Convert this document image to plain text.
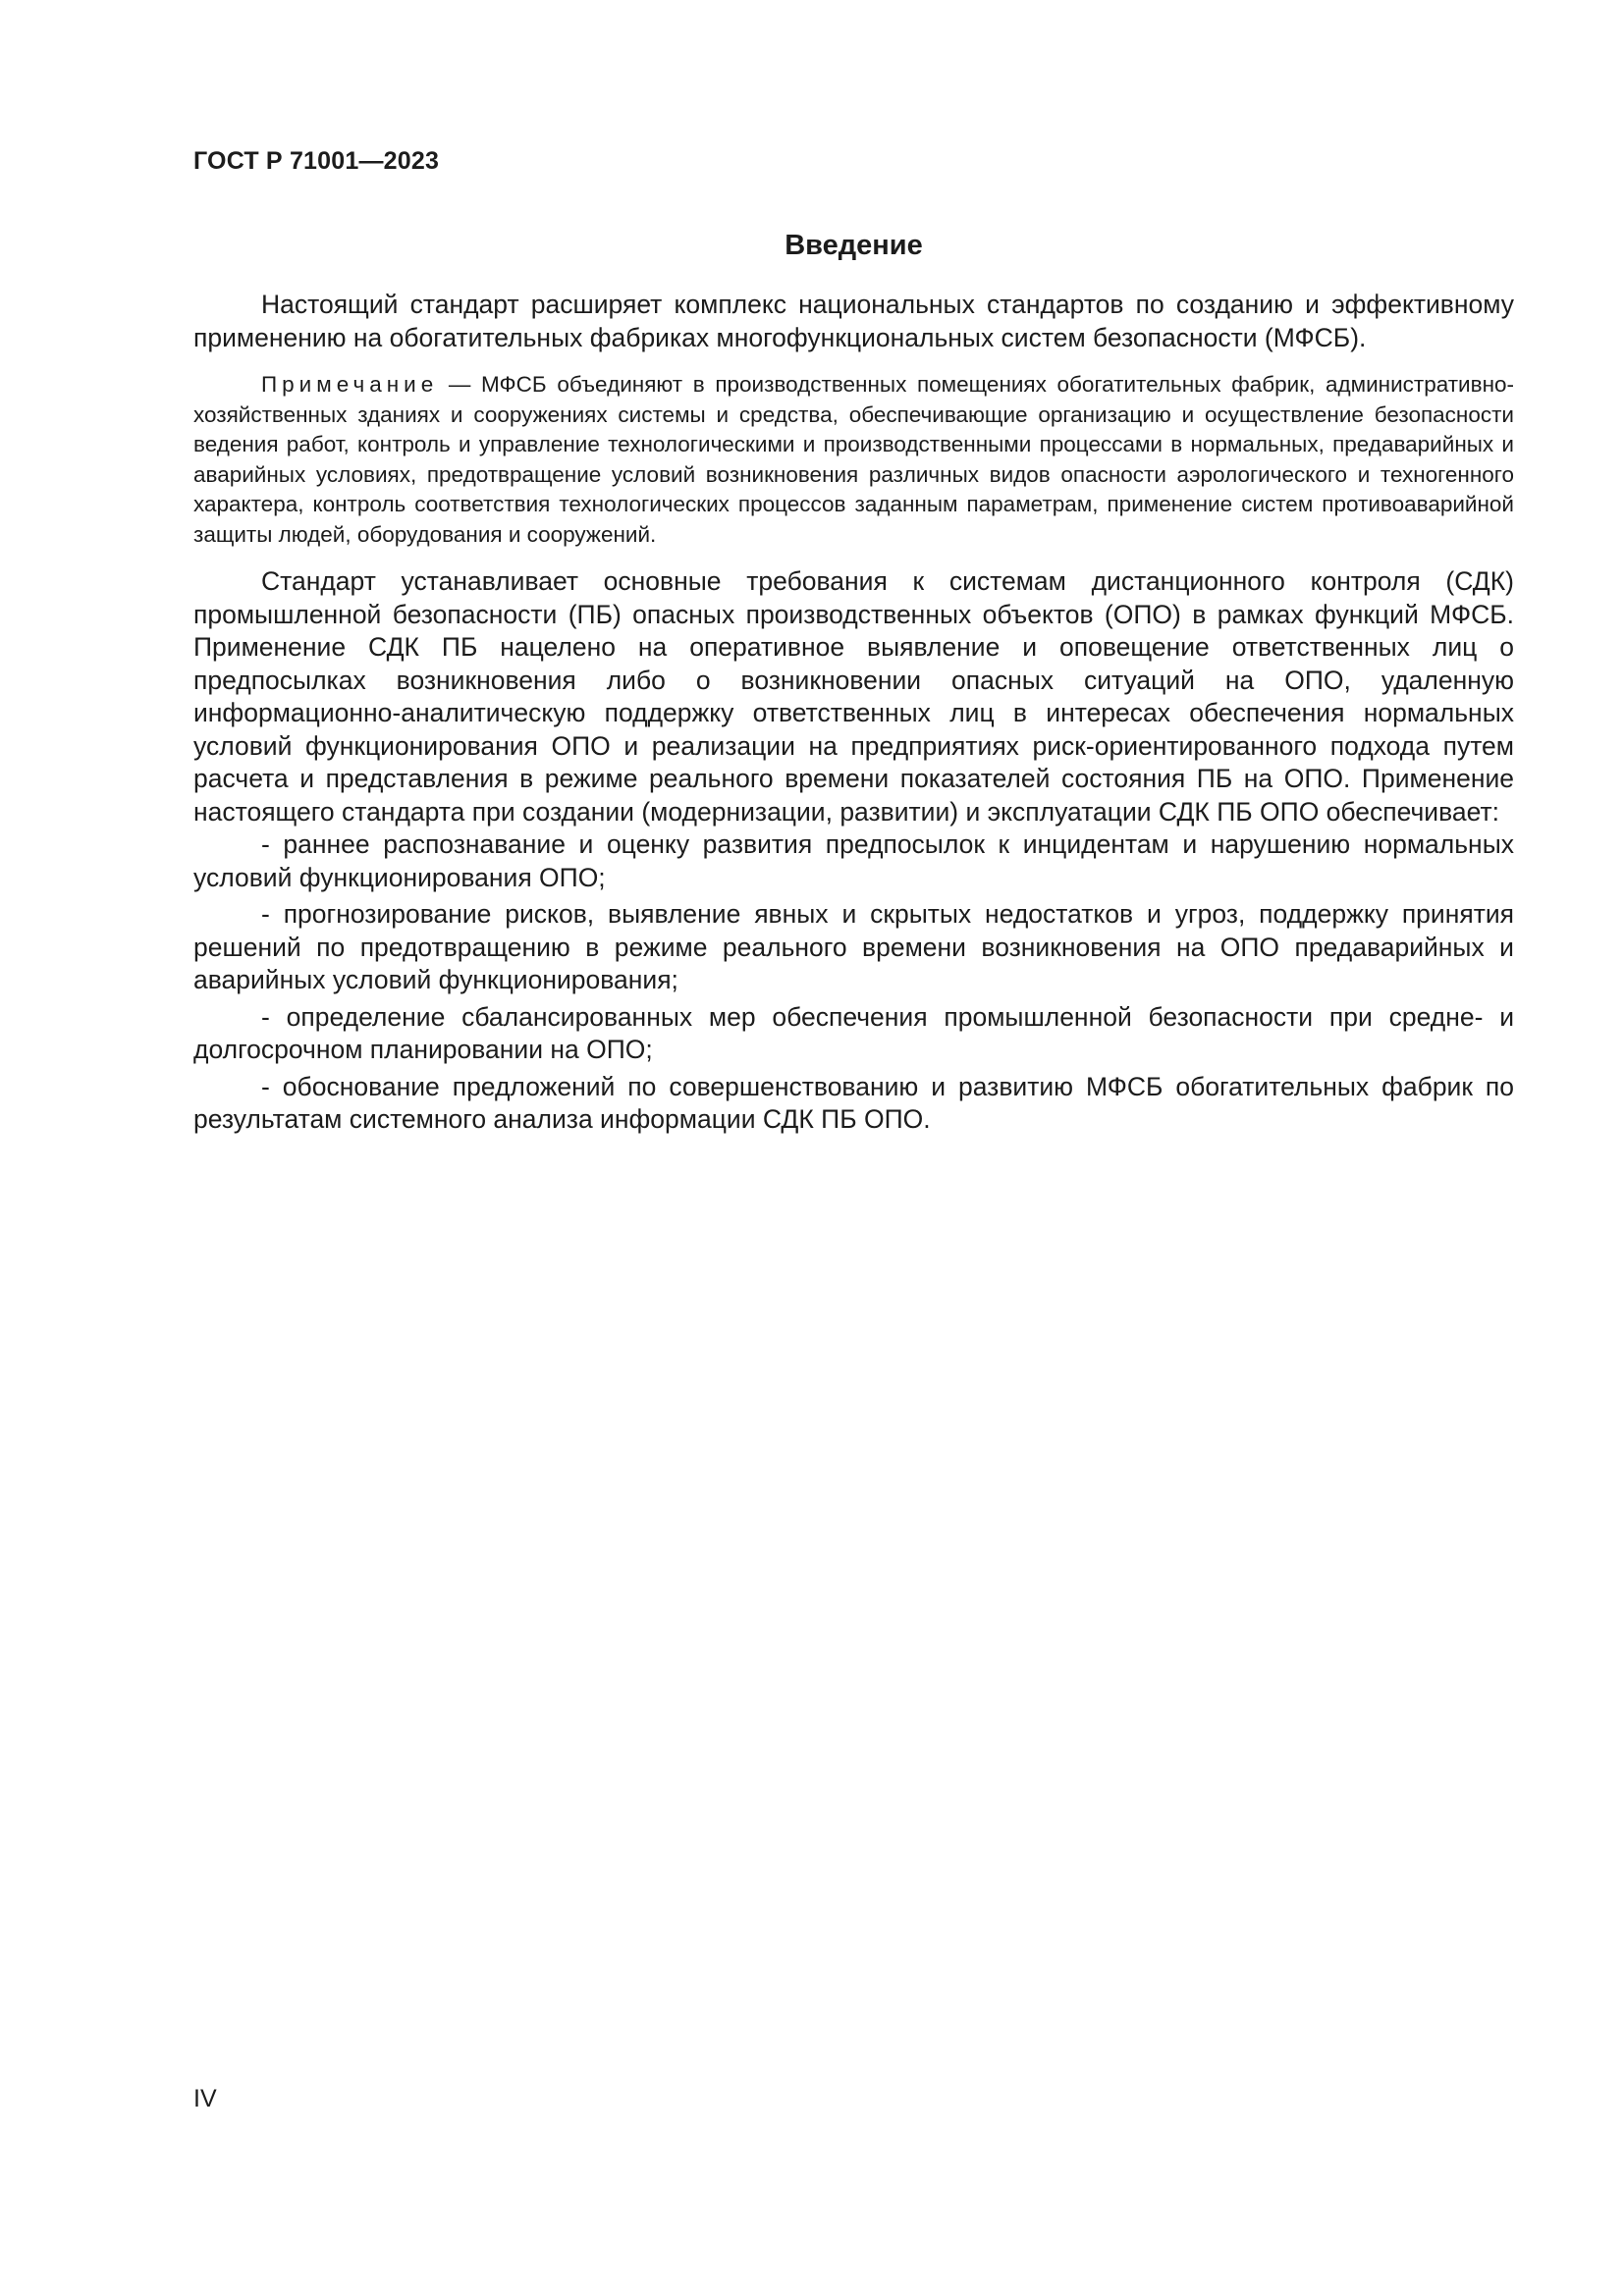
ГОСТ Р 71001—2023
Введение

Настоящий стандарт расширяет комплекс национальных стандартов по созданию и эффективному применению на обогатительных фабриках многофункциональных систем безопасности (МФСБ).

Примечание — МФСБ объединяют в производственных помещениях обогатительных фабрик, административно-хозяйственных зданиях и сооружениях системы и средства, обеспечивающие организацию и осуществление безопасности ведения работ, контроль и управление технологическими и производственными процессами в нормальных, предаварийных и аварийных условиях, предотвращение условий возникновения различных видов опасности аэрологического и техногенного характера, контроль соответствия технологических процессов заданным параметрам, применение систем противоаварийной защиты людей, оборудования и сооружений.

Стандарт устанавливает основные требования к системам дистанционного контроля (СДК) промышленной безопасности (ПБ) опасных производственных объектов (ОПО) в рамках функций МФСБ. Применение СДК ПБ нацелено на оперативное выявление и оповещение ответственных лиц о предпосылках возникновения либо о возникновении опасных ситуаций на ОПО, удаленную информационно-аналитическую поддержку ответственных лиц в интересах обеспечения нормальных условий функционирования ОПО и реализации на предприятиях риск-ориентированного подхода путем расчета и представления в режиме реального времени показателей состояния ПБ на ОПО. Применение настоящего стандарта при создании (модернизации, развитии) и эксплуатации СДК ПБ ОПО обеспечивает:

- раннее распознавание и оценку развития предпосылок к инцидентам и нарушению нормальных условий функционирования ОПО;

- прогнозирование рисков, выявление явных и скрытых недостатков и угроз, поддержку принятия решений по предотвращению в режиме реального времени возникновения на ОПО предаварийных и аварийных условий функционирования;

- определение сбалансированных мер обеспечения промышленной безопасности при средне- и долгосрочном планировании на ОПО;

- обоснование предложений по совершенствованию и развитию МФСБ обогатительных фабрик по результатам системного анализа информации СДК ПБ ОПО.

IV
